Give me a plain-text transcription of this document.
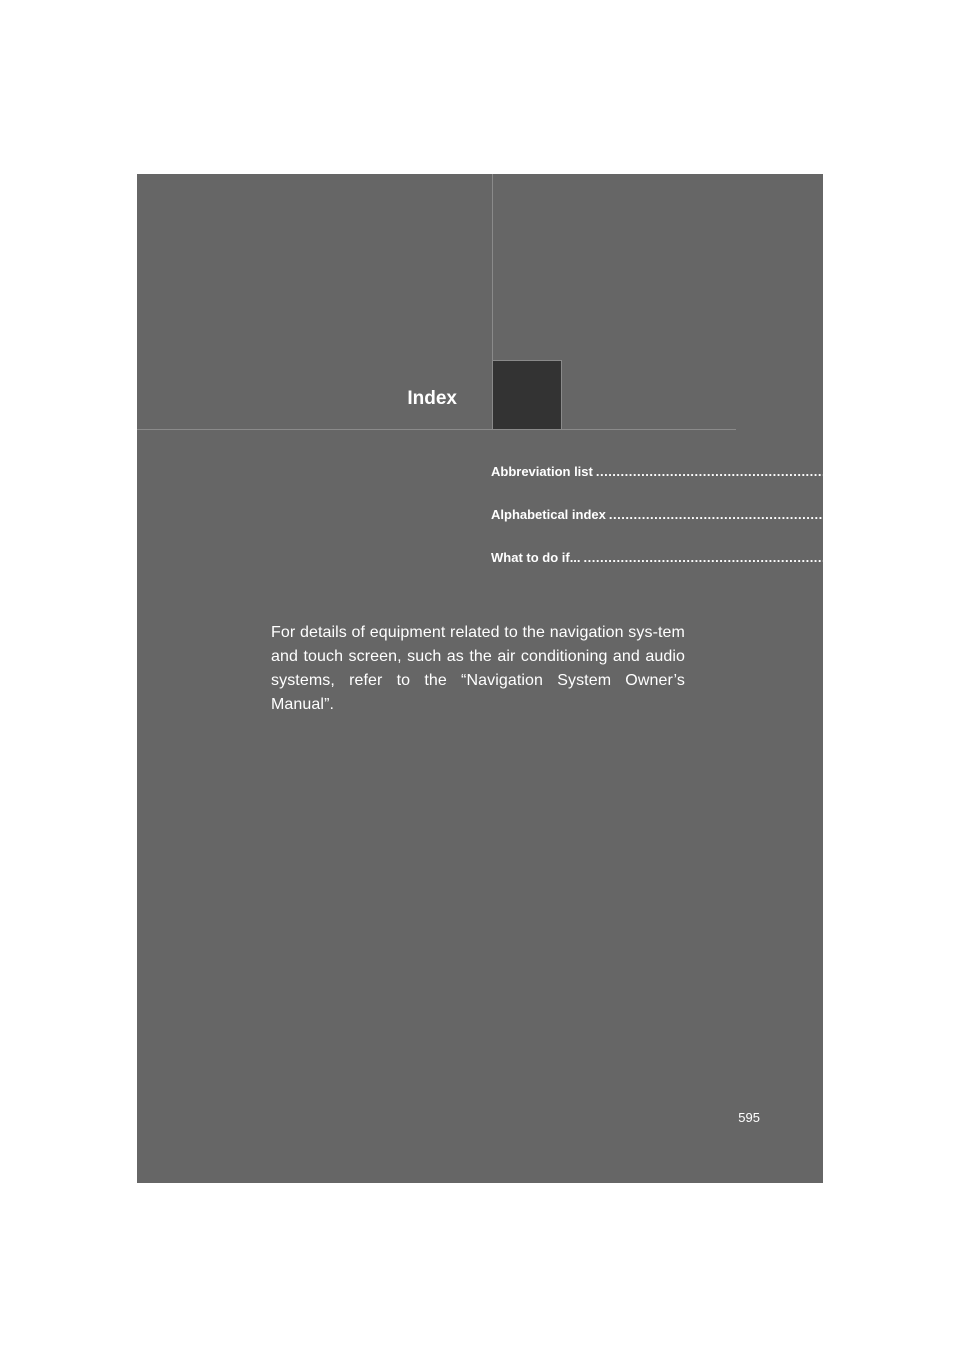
Index
Abbreviation list ............................................................ 596
Alphabetical index ............................................................ 598
What to do if... ............................................................ 606
For details of equipment related to the navigation sys-tem and touch screen, such as the air conditioning and audio systems, refer to the “Navigation System Owner’s Manual”.
595
